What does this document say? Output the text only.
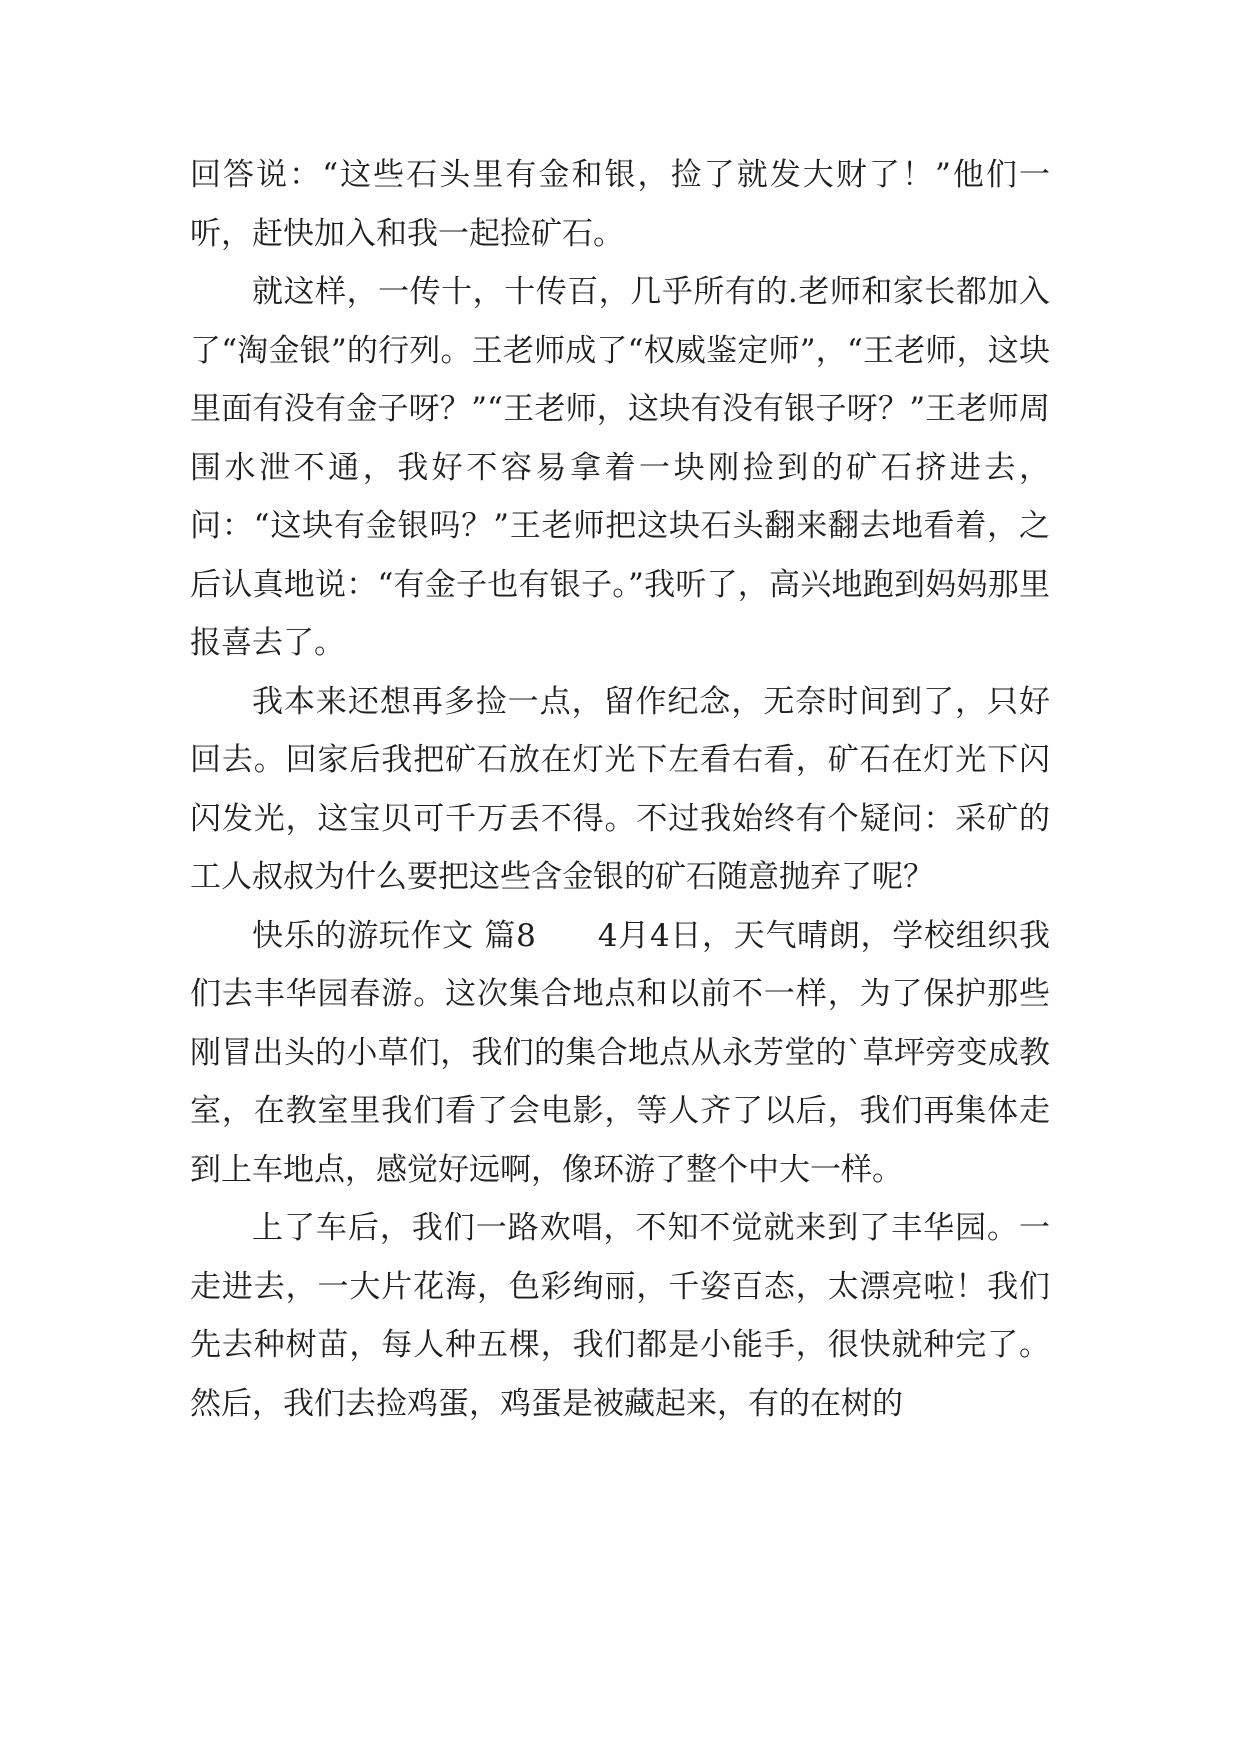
回答说：“这些石头里有金和银，捡了就发大财了！”他们一听，赶快加入和我一起捡矿石。

就这样，一传十，十传百，几乎所有的.老师和家长都加入了“淘金银”的行列。王老师成了“权威鉴定师”，“王老师，这块里面有没有金子呀？”“王老师，这块有没有银子呀？”王老师周围水泄不通，我好不容易拿着一块刚捡到的矿石挤进去，问：“这块有金银吗？”王老师把这块石头翻来翻去地看着，之后认真地说：“有金子也有银子。”我听了，高兴地跑到妈妈那里报喜去了。

我本来还想再多捡一点，留作纪念，无奈时间到了，只好回去。回家后我把矿石放在灯光下左看右看，矿石在灯光下闪闪发光，这宝贝可千万丢不得。不过我始终有个疑问：采矿的工人叔叔为什么要把这些含金银的矿石随意抛弃了呢？

快乐的游玩作文 篇8 4月4日，天气晴朗，学校组织我们去丰华园春游。这次集合地点和以前不一样，为了保护那些刚冒出头的小草们，我们的集合地点从永芳堂的`草坪旁变成教室，在教室里我们看了会电影，等人齐了以后，我们再集体走到上车地点，感觉好远啊，像环游了整个中大一样。

上了车后，我们一路欢唱，不知不觉就来到了丰华园。一走进去，一大片花海，色彩绚丽，千姿百态，太漂亮啦！我们先去种树苗，每人种五棵，我们都是小能手，很快就种完了。然后，我们去捡鸡蛋，鸡蛋是被藏起来，有的在树的
